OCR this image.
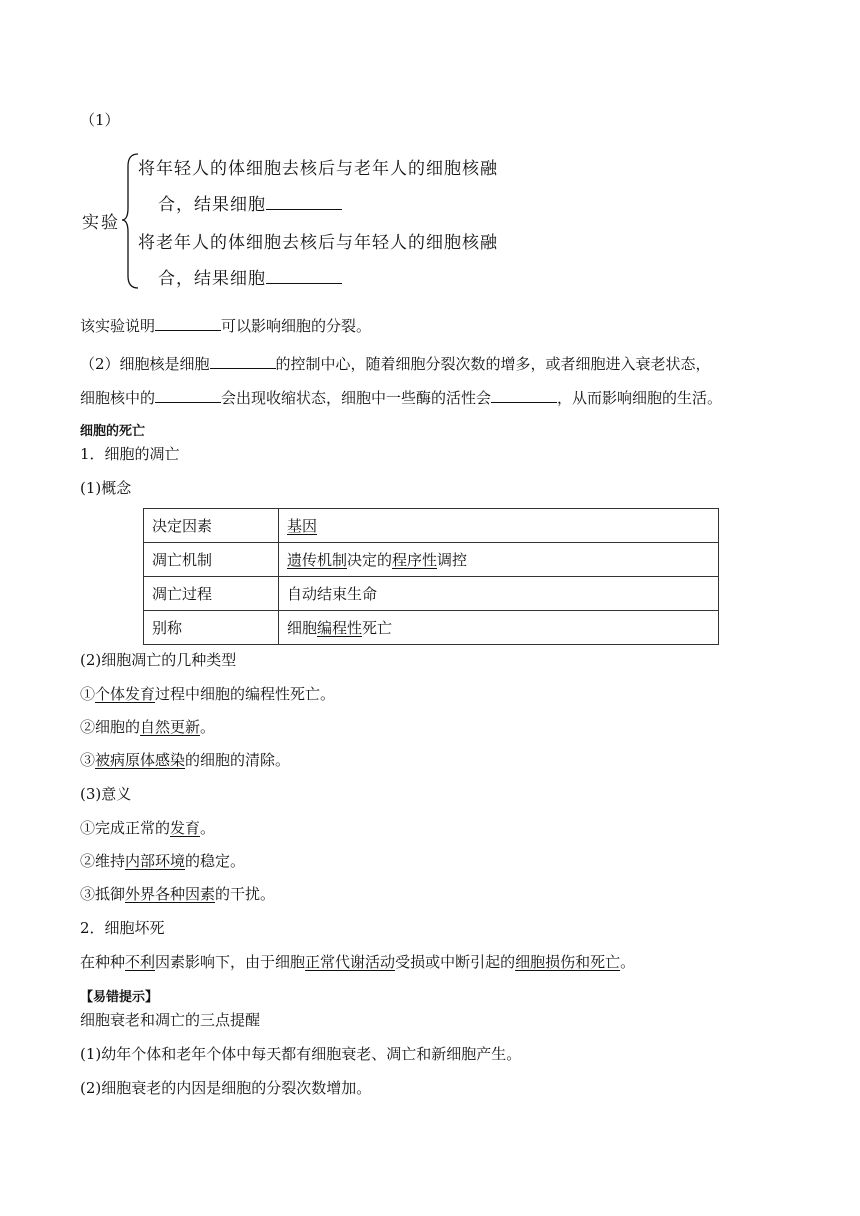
（1）
实验
将年轻人的体细胞去核后与老年人的细胞核融
合，结果细胞
将老年人的体细胞去核后与年轻人的细胞核融
合，结果细胞
该实验说明	可以影响细胞的分裂。
（2）细胞核是细胞	的控制中心，随着细胞分裂次数的增多，或者细胞进入衰老状态，
细胞核中的	会出现收缩状态，细胞中一些酶的活性会	，从而影响细胞的生活。
细胞的死亡
1．细胞的凋亡
(1)概念
决定因素	基因
凋亡机制	遗传机制决定的程序性调控
凋亡过程	自动结束生命
别称	细胞编程性死亡
(2)细胞凋亡的几种类型
①个体发育过程中细胞的编程性死亡。
②细胞的自然更新。
③被病原体感染的细胞的清除。
(3)意义
①完成正常的发育。
②维持内部环境的稳定。
③抵御外界各种因素的干扰。
2．细胞坏死
在种种不利因素影响下，由于细胞正常代谢活动受损或中断引起的细胞损伤和死亡。
【易错提示】
细胞衰老和凋亡的三点提醒
(1)幼年个体和老年个体中每天都有细胞衰老、凋亡和新细胞产生。
(2)细胞衰老的内因是细胞的分裂次数增加。
